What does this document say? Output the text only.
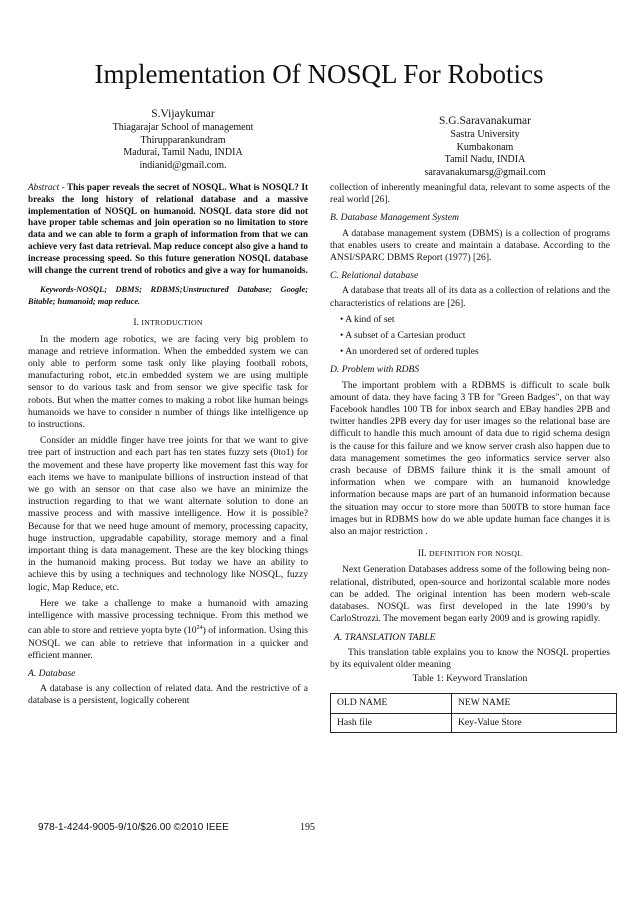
Implementation Of NOSQL For Robotics
S.Vijaykumar
Thiagarajar School of management
Thirupparankundram
Madurai, Tamil Nadu, INDIA
indianid@gmail.com.
S.G.Saravanakumar
Sastra University
Kumbakonam
Tamil Nadu, INDIA
saravanakumarsg@gmail.com

Abstract - This paper reveals the secret of NOSQL. What is NOSQL? It breaks the long history of relational database and a massive implementation of NOSQL on humanoid. NOSQL data store did not have proper table schemas and join operation so no limitation to store data and we can able to form a graph of information from that we can achieve very fast data retrieval. Map reduce concept also give a hand to increase processing speed. So this future generation NOSQL database will change the current trend of robotics and give a way for humanoids.

Keywords-NOSQL; DBMS; RDBMS;Unstructured Database; Google; Bitable; humanoid; map reduce.

I. INTRODUCTION

In the modern age robotics, we are facing very big problem to manage and retrieve information. When the embedded system we can only able to perform some task only like playing football robots, manufacturing robot, etc.in embedded system we are using multiple sensor to do various task and from sensor we give specific task for robots. But when the matter comes to making a robot like human beings humanoids we have to consider n number of things like intelligence up to instructions.

Consider an middle finger have tree joints for that we want to give tree part of instruction and each part has ten states fuzzy sets (0to1) for the movement and these have property like movement fast this way for each items we have to manipulate billions of instruction instead of that we go with an sensor on that case also we have an minimize the instruction regarding to that we want alternate solution to done an massive process and with massive intelligence. How it is possible? Because for that we need huge amount of memory, processing capacity, huge instruction, upgradable capability, storage memory and a final important thing is data management. These are the key blocking things in the humanoid making process. But today we have an ability to achieve this by using a techniques and technology like NOSQL, fuzzy logic, Map Reduce, etc.

Here we take a challenge to make a humanoid with amazing intelligence with massive processing technique. From this method we can able to store and retrieve yopta byte $(10^{24})$ of information. Using this NOSQL we can able to retrieve that information in a quicker and efficient manner.

A. Database

A database is any collection of related data. And the restrictive of a database is a persistent, logically coherent

collection of inherently meaningful data, relevant to some aspects of the real world [26].

B. Database Management System

A database management system (DBMS) is a collection of programs that enables users to create and maintain a database. According to the ANSI/SPARC DBMS Report (1977) [26].

C. Relational database

A database that treats all of its data as a collection of relations and the characteristics of relations are [26].

• A kind of set
• A subset of a Cartesian product
• An unordered set of ordered tuples
D. Problem with RDBS

The important problem with a RDBMS is difficult to scale bulk amount of data. they have facing 3 TB for "Green Badges", on that way Facebook handles 100 TB for inbox search and EBay handles 2PB and twitter handles 2PB every day for user images so the relational base are difficult to handle this much amount of data due to rigid schema design is the cause for this failure and we know server crash also happen due to data management sometimes the geo informatics service server also crash because of DBMS failure think it is the small amount of information when we compare with an humanoid knowledge information because maps are part of an humanoid information because the situation may occur to store more than 500TB to store human face images but in RDBMS how do we able update human face changes it is also an major restriction .

II. DEFINITION FOR NOSQL

Next Generation Databases address some of the following being non-relational, distributed, open-source and horizontal scalable more nodes can be added. The original intention has been modern web-scale databases. NOSQL was first developed in the late 1990’s by CarloStrozzi. The movement began early 2009 and is growing rapidly.

A. TRANSLATION TABLE

This translation table explains you to know the NOSQL properties by its equivalent older meaning

Table 1: Keyword Translation
OLD NAME	NEW NAME
Hash file	Key-Value Store
978-1-4244-9005-9/10/$26.00 ©2010 IEEE	195
